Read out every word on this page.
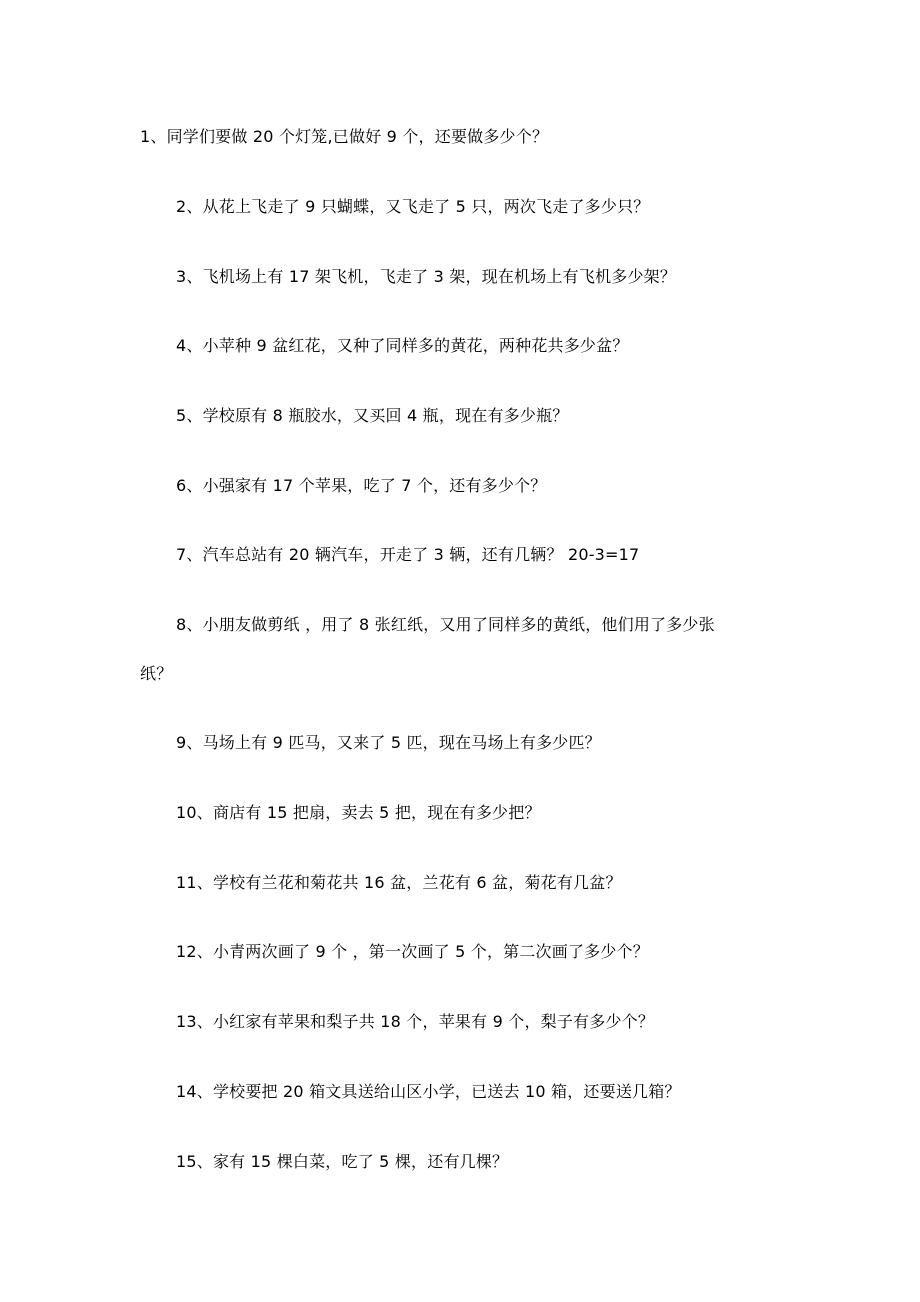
1、同学们要做 20 个灯笼,已做好 9 个，还要做多少个？
2、从花上飞走了 9 只蝴蝶，又飞走了 5 只，两次飞走了多少只？
3、飞机场上有 17 架飞机，飞走了 3 架，现在机场上有飞机多少架？
4、小苹种 9 盆红花，又种了同样多的黄花，两种花共多少盆？
5、学校原有 8 瓶胶水，又买回 4 瓶，现在有多少瓶？
6、小强家有 17 个苹果，吃了 7 个，还有多少个？
7、汽车总站有 20 辆汽车，开走了 3 辆，还有几辆？ 20-3=17
8、小朋友做剪纸 ，用了 8 张红纸，又用了同样多的黄纸，他们用了多少张
纸？
9、马场上有 9 匹马，又来了 5 匹，现在马场上有多少匹？
10、商店有 15 把扇，卖去 5 把，现在有多少把？
11、学校有兰花和菊花共 16 盆，兰花有 6 盆，菊花有几盆？
12、小青两次画了 9 个 ，第一次画了 5 个，第二次画了多少个？
13、小红家有苹果和梨子共 18 个，苹果有 9 个，梨子有多少个？
14、学校要把 20 箱文具送给山区小学，已送去 10 箱，还要送几箱？
15、家有 15 棵白菜，吃了 5 棵，还有几棵？
